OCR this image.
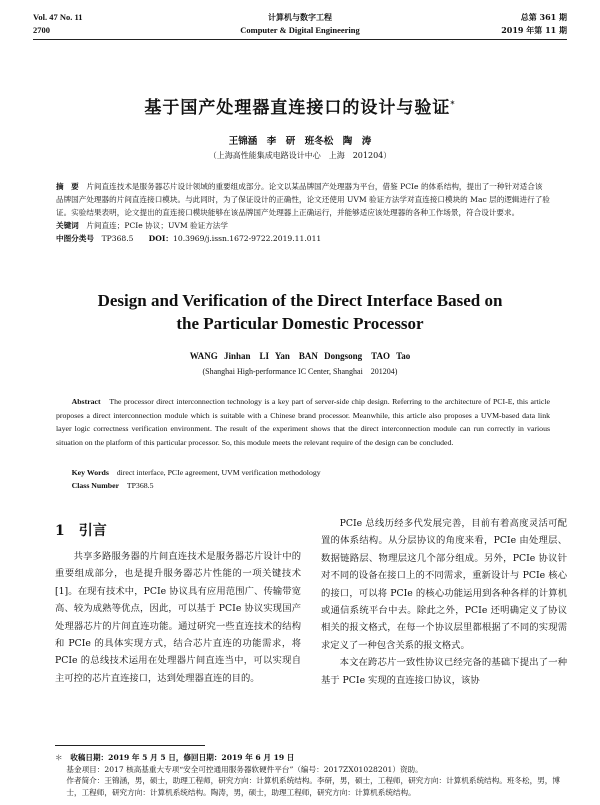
Vol. 47 No. 11
2700
计算机与数字工程
Computer & Digital Engineering
总第 361 期
2019 年第 11 期
基于国产处理器直连接口的设计与验证*
王锦涵　李　研　班冬松　陶　涛
（上海高性能集成电路设计中心　上海　201204）

摘　要　 片间直连技术是服务器芯片设计领域的重要组成部分。论文以某品牌国产处理器为平台，借鉴 PCIe 的体系结构，提出了一种针对适合该品牌国产处理器的片间直连接口模块。与此同时，为了保证设计的正确性，论文还使用 UVM 验证方法学对直连接口模块的 Mac 层的逻辑进行了验证。实验结果表明，论文提出的直连接口模块能够在该品牌国产处理器上正确运行，并能够适应该处理器的各种工作场景，符合设计要求。

关键词　 片间直连；PCIe 协议；UVM 验证方法学

中图分类号　 TP368.5　　 DOI：10.3969/j.issn.1672-9722.2019.11.011

Design and Verification of the Direct Interface Based on the Particular Domestic Processor
WANG Jinhan　LI Yan　BAN Dongsong　TAO Tao
(Shanghai High-performance IC Center, Shanghai　201204)

Abstract　 The processor direct interconnection technology is a key part of server-side chip design. Referring to the architecture of PCI-E, this article proposes a direct interconnection module which is suitable with a Chinese brand processor. Meanwhile, this article also proposes a UVM-based data link layer logic correctness verification environment. The result of the experiment shows that the direct interconnection module can run correctly in various situation on the platform of this particular processor. So, this module meets the relevant require of the design can be concluded.

Key Words　 direct interface, PCIe agreement, UVM verification methodology

Class Number　 TP368.5

1　引言

共享多路服务器的片间直连技术是服务器芯片设计中的重要组成部分，也是提升服务器芯片性能的一项关键技术[1]。在现有技术中，PCIe 协议具有应用范围广、传输带宽高、较为成熟等优点，因此，可以基于 PCIe 协议实现国产处理器芯片的片间直连功能。通过研究一些直连技术的结构和 PCIe 的具体实现方式，结合芯片直连的功能需求，将 PCIe 的总线技术运用在处理器片间直连当中，可以实现自主可控的芯片直连接口，达到处理器直连的目的。

PCIe 总线历经多代发展完善，目前有着高度灵活可配置的体系结构。从分层协议的角度来看，PCIe 由处理层、数据链路层、物理层这几个部分组成。另外，PCIe 协议针对不同的设备在接口上的不同需求，重新设计与 PCIe 核心的接口，可以将 PCIe 的核心功能运用到各种各样的计算机或通信系统平台中去。除此之外，PCIe 还明确定义了协议相关的报文格式，在每一个协议层里都根据了不同的实现需求定义了一种包含关系的报文格式。

本文在跨芯片一致性协议已经完备的基础下提出了一种基于 PCIe 实现的直连接口协议，该协

＊　 收稿日期：2019 年 5 月 5 日，修回日期：2019 年 6 月 19 日

基金项目：2017 核高基重大专项“安全可控通用服务器软硬件平台”（编号：2017ZX01028201）资助。

作者简介：王锦涵，男，硕士，助理工程师，研究方向：计算机系统结构。李研，男，硕士，工程师，研究方向：计算机系统结构。班冬松，男，博士，工程师，研究方向：计算机系统结构。陶涛，男，硕士，助理工程师，研究方向：计算机系统结构。
